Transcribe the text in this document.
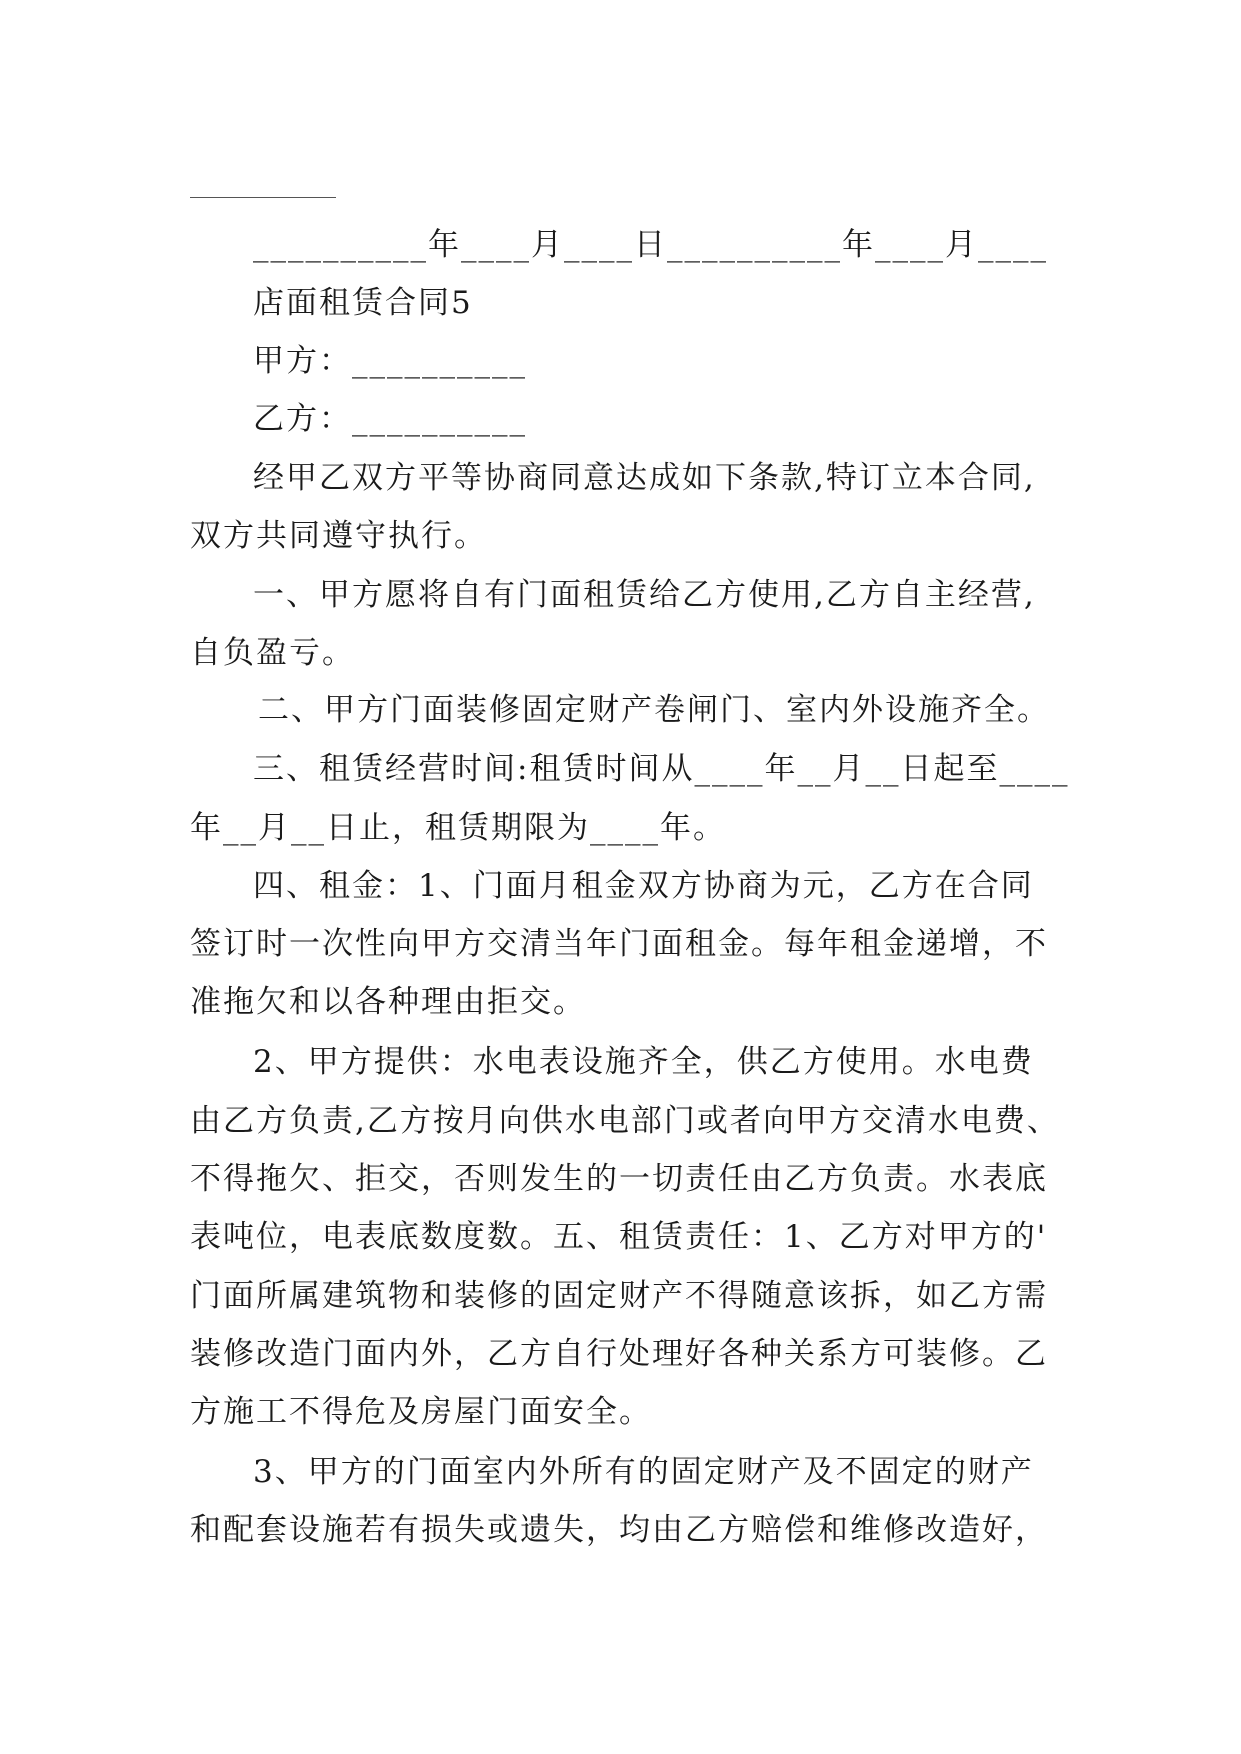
__________年____月____日__________年____月____
店面租赁合同5
甲方：__________
乙方：__________
经甲乙双方平等协商同意达成如下条款,特订立本合同,
双方共同遵守执行。
一、甲方愿将自有门面租赁给乙方使用,乙方自主经营,
自负盈亏。
二、甲方门面装修固定财产卷闸门、室内外设施齐全。
三、租赁经营时间:租赁时间从____年__月__日起至____
年__月__日止，租赁期限为____年。
四、租金：1、门面月租金双方协商为元，乙方在合同
签订时一次性向甲方交清当年门面租金。每年租金递增，不
准拖欠和以各种理由拒交。
2、甲方提供：水电表设施齐全，供乙方使用。水电费
由乙方负责,乙方按月向供水电部门或者向甲方交清水电费、
不得拖欠、拒交，否则发生的一切责任由乙方负责。水表底
表吨位，电表底数度数。五、租赁责任：1、乙方对甲方的'
门面所属建筑物和装修的固定财产不得随意该拆，如乙方需
装修改造门面内外，乙方自行处理好各种关系方可装修。乙
方施工不得危及房屋门面安全。
3、甲方的门面室内外所有的固定财产及不固定的财产
和配套设施若有损失或遗失，均由乙方赔偿和维修改造好，
